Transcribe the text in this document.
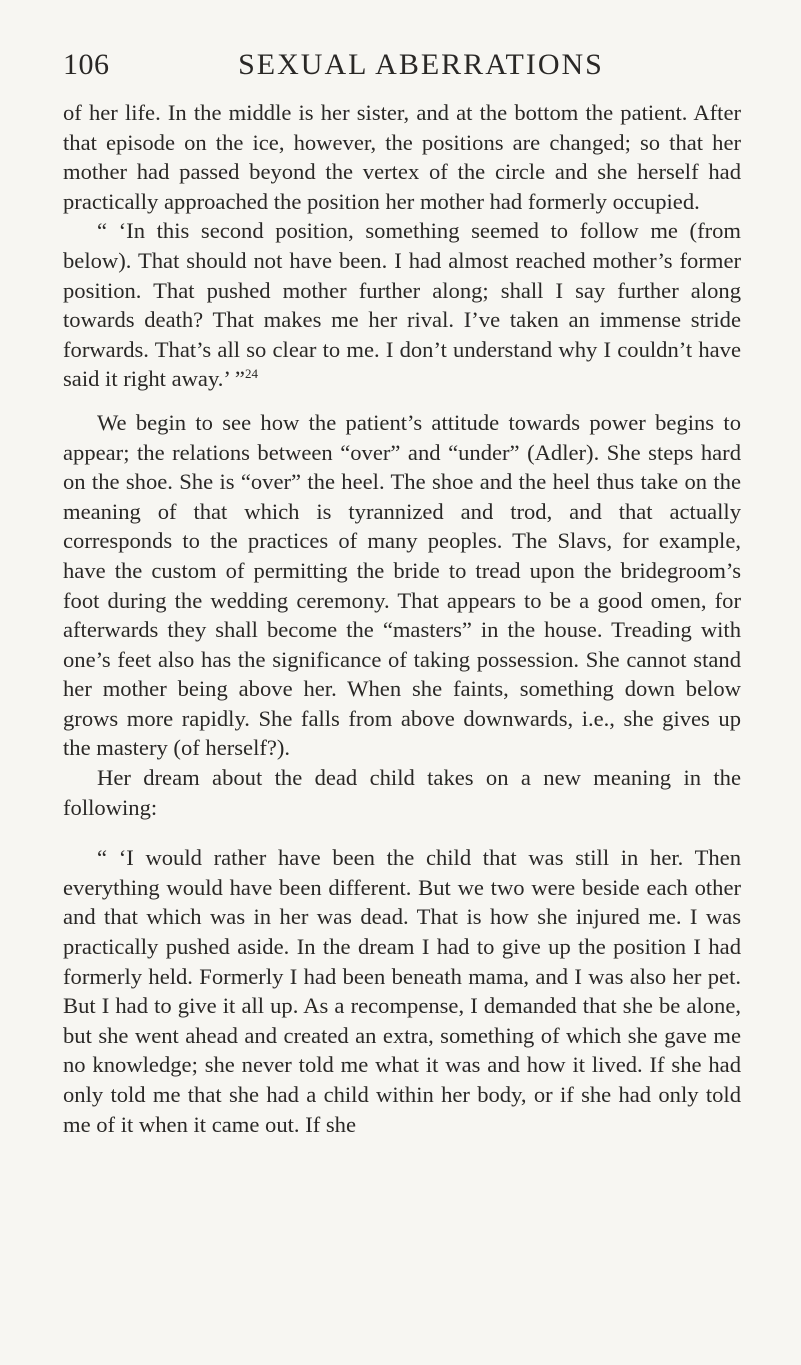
106	SEXUAL ABERRATIONS

of her life. In the middle is her sister, and at the bottom the patient. After that episode on the ice, however, the positions are changed; so that her mother had passed beyond the vertex of the circle and she herself had practically approached the position her mother had formerly occupied.

“ ‘In this second position, something seemed to follow me (from below). That should not have been. I had almost reached mother’s former position. That pushed mother further along; shall I say further along towards death? That makes me her rival. I’ve taken an immense stride forwards. That’s all so clear to me. I don’t understand why I couldn’t have said it right away.’ ”$^{24}$

We begin to see how the patient’s attitude towards power begins to appear; the relations between “over” and “under” (Adler). She steps hard on the shoe. She is “over” the heel. The shoe and the heel thus take on the meaning of that which is tyrannized and trod, and that actually corresponds to the practices of many peoples. The Slavs, for example, have the custom of permitting the bride to tread upon the bridegroom’s foot during the wedding ceremony. That appears to be a good omen, for afterwards they shall become the “masters” in the house. Treading with one’s feet also has the significance of taking possession. She cannot stand her mother being above her. When she faints, something down below grows more rapidly. She falls from above downwards, i.e., she gives up the mastery (of herself?).

Her dream about the dead child takes on a new meaning in the following:

“ ‘I would rather have been the child that was still in her. Then everything would have been different. But we two were beside each other and that which was in her was dead. That is how she injured me. I was practically pushed aside. In the dream I had to give up the position I had formerly held. Formerly I had been beneath mama, and I was also her pet. But I had to give it all up. As a recompense, I demanded that she be alone, but she went ahead and created an extra, something of which she gave me no knowledge; she never told me what it was and how it lived. If she had only told me that she had a child within her body, or if she had only told me of it when it came out. If she
